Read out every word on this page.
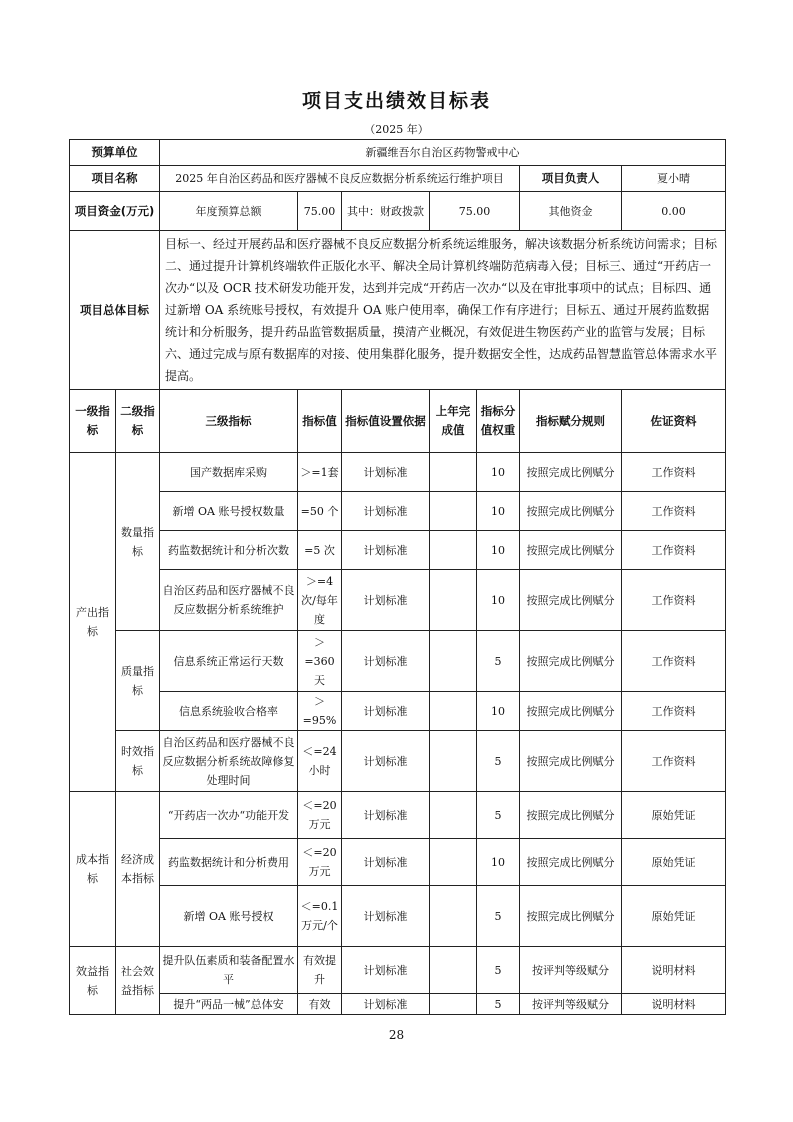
项目支出绩效目标表
（2025 年）
预算单位		新疆维吾尔自治区药物警戒中心						
项目名称		2025 年自治区药品和医疗器械不良反应数据分析系统运行维护项目					项目负责人	夏小晴
项目资金(万元)		年度预算总额	75.00	其中：财政拨款	75.00		其他资金	0.00
项目总体目标		目标一、经过开展药品和医疗器械不良反应数据分析系统运维服务，解决该数据分析系统访问需求；目标二、通过提升计算机终端软件正版化水平、解决全局计算机终端防范病毒入侵；目标三、通过“开药店一次办“以及 OCR 技术研发功能开发，达到并完成“开药店一次办“以及在审批事项中的试点；目标四、通过新增 OA 系统账号授权，有效提升 OA 账户使用率，确保工作有序进行；目标五、通过开展药监数据统计和分析服务，提升药品监管数据质量，摸清产业概况，有效促进生物医药产业的监管与发展；目标六、通过完成与原有数据库的对接、使用集群化服务，提升数据安全性，达成药品智慧监管总体需求水平提高。						
一级指标	二级指标	三级指标	指标值	指标值设置依据	上年完成值	指标分值权重	指标赋分规则	佐证资料
产出指标	数量指标	国产数据库采购	＞=1套	计划标准		10	按照完成比例赋分	工作资料
		新增 OA 账号授权数量	=50 个	计划标准		10	按照完成比例赋分	工作资料
		药监数据统计和分析次数	=5 次	计划标准		10	按照完成比例赋分	工作资料
		自治区药品和医疗器械不良反应数据分析系统维护	＞=4次/每年度	计划标准		10	按照完成比例赋分	工作资料
	质量指标	信息系统正常运行天数	＞=360天	计划标准		5	按照完成比例赋分	工作资料
		信息系统验收合格率	＞=95%	计划标准		10	按照完成比例赋分	工作资料
	时效指标	自治区药品和医疗器械不良反应数据分析系统故障修复处理时间	＜=24小时	计划标准		5	按照完成比例赋分	工作资料
成本指标	经济成本指标	“开药店一次办“功能开发	＜=20万元	计划标准		5	按照完成比例赋分	原始凭证
		药监数据统计和分析费用	＜=20万元	计划标准		10	按照完成比例赋分	原始凭证
		新增 OA 账号授权	＜=0.1万元/个	计划标准		5	按照完成比例赋分	原始凭证
效益指标	社会效益指标	提升队伍素质和装备配置水平	有效提升	计划标准		5	按评判等级赋分	说明材料
		提升“两品一械”总体安	有效	计划标准		5	按评判等级赋分	说明材料
28
